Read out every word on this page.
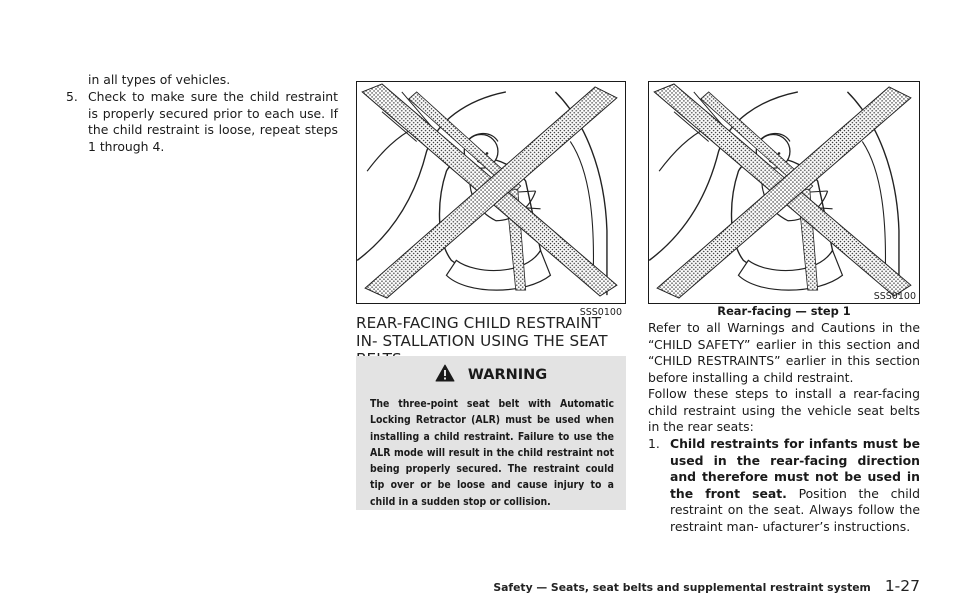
in all types of vehicles.

5. Check to make sure the child restraint is properly secured prior to each use. If the child restraint is loose, repeat steps 1 through 4.

SSS0100
REAR-FACING CHILD RESTRAINT IN- STALLATION USING THE SEAT
WARNING

The three-point seat belt with Automatic Locking Retractor (ALR) must be used when installing a child restraint. Failure to use the ALR mode will result in the child restraint not being properly secured. The restraint could tip over or be loose and cause injury to a child in a sudden stop or collision.

SSS0100
Rear-facing — step 1

Refer to all Warnings and Cautions in the “CHILD SAFETY” earlier in this section and “CHILD RESTRAINTS” earlier in this section before installing a child restraint.

Follow these steps to install a rear-facing child restraint using the vehicle seat belts in the rear seats:

1. Child restraints for infants must be used in the rear-facing direction and therefore must not be used in the front seat. Position the child restraint on the seat. Always follow the restraint man- ufacturer’s instructions.

Safety — Seats, seat belts and supplemental restraint system 1-27
